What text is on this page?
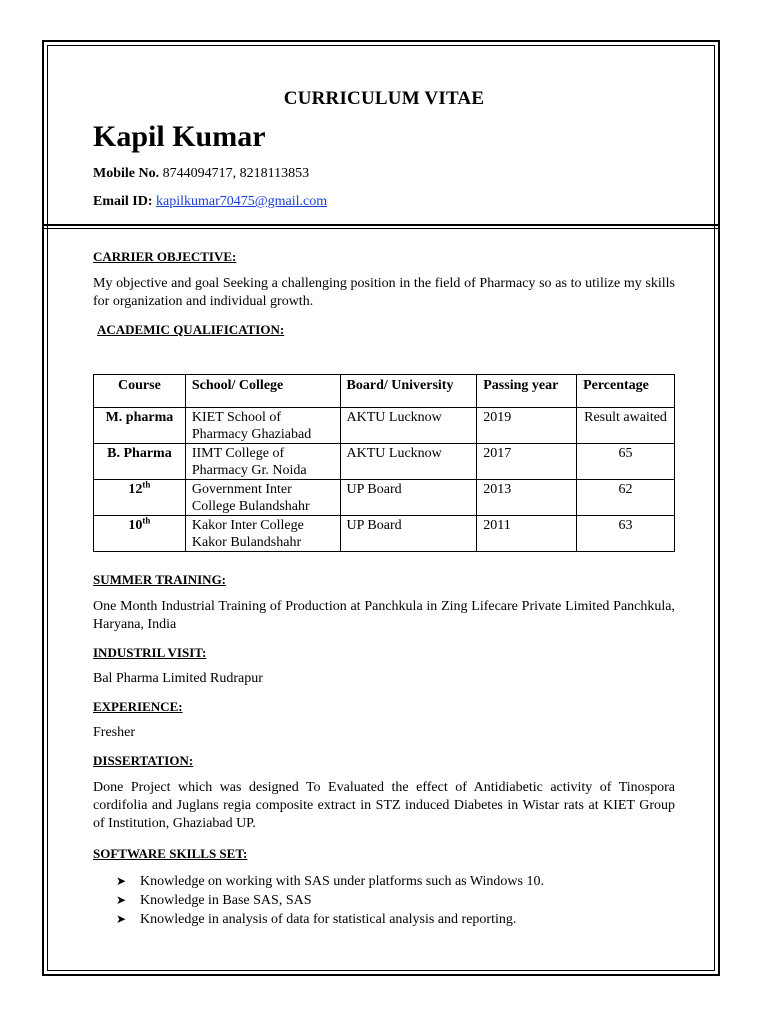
CURRICULUM VITAE
Kapil Kumar
Mobile No. 8744094717, 8218113853
Email ID: kapilkumar70475@gmail.com
CARRIER OBJECTIVE:
My objective and goal Seeking a challenging position in the field of Pharmacy so as to utilize my skills for organization and individual growth.
ACADEMIC QUALIFICATION:
Course	School/ College	Board/ University	Passing year	Percentage
M. pharma	KIET School of Pharmacy Ghaziabad	AKTU Lucknow	2019	Result awaited
B. Pharma	IIMT College of Pharmacy Gr. Noida	AKTU Lucknow	2017	65
12th	Government Inter College Bulandshahr	UP Board	2013	62
10th	Kakor Inter College Kakor Bulandshahr	UP Board	2011	63
SUMMER TRAINING:
One Month Industrial Training of Production at Panchkula in Zing Lifecare Private Limited Panchkula, Haryana, India
INDUSTRIL VISIT:
Bal Pharma Limited Rudrapur
EXPERIENCE:
Fresher
DISSERTATION:
Done Project which was designed To Evaluated the effect of Antidiabetic activity of Tinospora cordifolia and Juglans regia composite extract in STZ induced Diabetes in Wistar rats at KIET Group of Institution, Ghaziabad UP.
SOFTWARE SKILLS SET:
➤ Knowledge on working with SAS under platforms such as Windows 10.
➤ Knowledge in Base SAS, SAS
➤ Knowledge in analysis of data for statistical analysis and reporting.
